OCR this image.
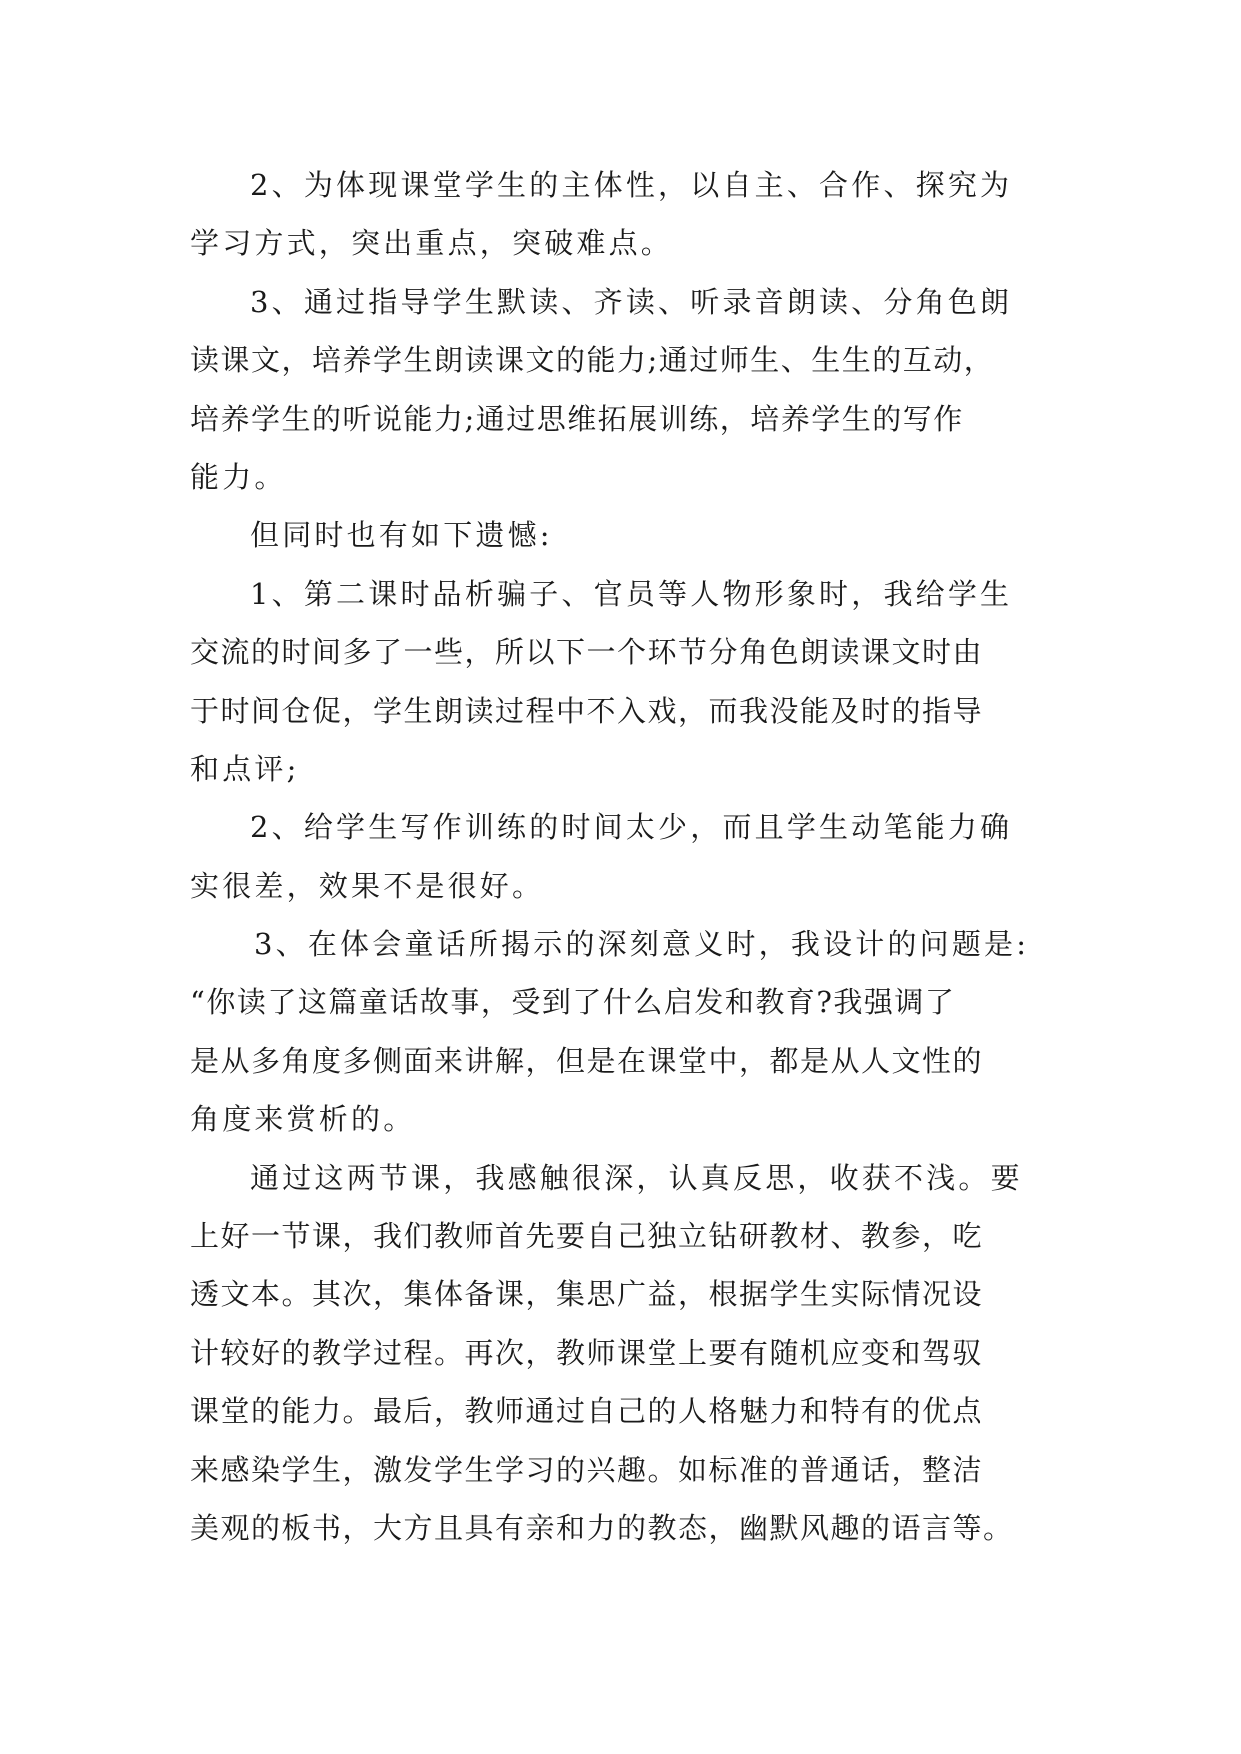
2、为体现课堂学生的主体性，以自主、合作、探究为
学习方式，突出重点，突破难点。
3、通过指导学生默读、齐读、听录音朗读、分角色朗
读课文，培养学生朗读课文的能力;通过师生、生生的互动，
培养学生的听说能力;通过思维拓展训练，培养学生的写作
能力。
但同时也有如下遗憾:
1、第二课时品析骗子、官员等人物形象时，我给学生
交流的时间多了一些，所以下一个环节分角色朗读课文时由
于时间仓促，学生朗读过程中不入戏，而我没能及时的指导
和点评;
2、给学生写作训练的时间太少，而且学生动笔能力确
实很差，效果不是很好。
3、在体会童话所揭示的深刻意义时，我设计的问题是:
“你读了这篇童话故事，受到了什么启发和教育?我强调了
是从多角度多侧面来讲解，但是在课堂中，都是从人文性的
角度来赏析的。
通过这两节课，我感触很深，认真反思，收获不浅。要
上好一节课，我们教师首先要自己独立钻研教材、教参，吃
透文本。其次，集体备课，集思广益，根据学生实际情况设
计较好的教学过程。再次，教师课堂上要有随机应变和驾驭
课堂的能力。最后，教师通过自己的人格魅力和特有的优点
来感染学生，激发学生学习的兴趣。如标准的普通话，整洁
美观的板书，大方且具有亲和力的教态，幽默风趣的语言等。
